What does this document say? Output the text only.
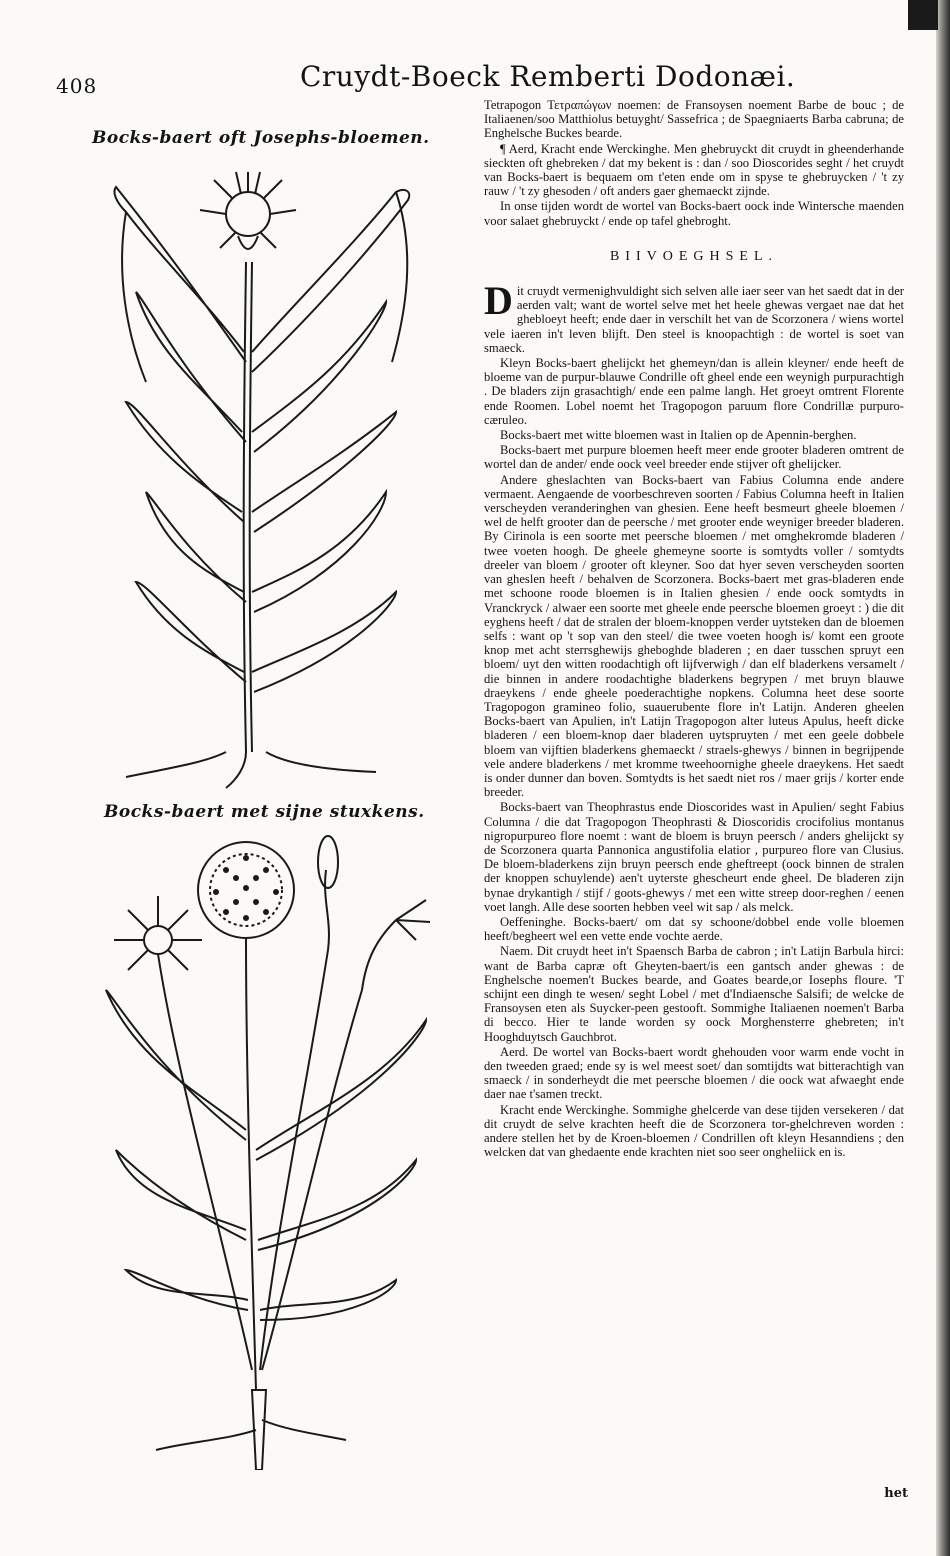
408	Cruydt-Boeck Remberti Dodonæi.
Bocks-baert oft Josephs-bloemen.
Bocks-baert met sijne stuxkens.

Tetrapogon Τετραπώγων noemen: de Fransoysen noement Barbe de bouc ; de Italiaenen/soo Matthiolus betuyght/ Sassefrica ; de Spaegniaerts Barba cabruna; de Enghelsche Buckes bearde.

¶ Aerd, Kracht ende Werckinghe. Men ghebruyckt dit cruydt in gheenderhande sieckten oft ghebreken / dat my bekent is : dan / soo Dioscorides seght / het cruydt van Bocks-baert is bequaem om t'eten ende om in spyse te ghebruycken / 't zy rauw / 't zy ghesoden / oft anders gaer ghemaeckt zijnde.

In onse tijden wordt de wortel van Bocks-baert oock inde Wintersche maenden voor salaet ghebruyckt / ende op tafel ghebroght.

BIIVOEGHSEL.

Dit cruydt vermenighvuldight sich selven alle iaer seer van het saedt dat in der aerden valt; want de wortel selve met het heele ghewas vergaet nae dat het ghebloeyt heeft; ende daer in verschilt het van de Scorzonera / wiens wortel vele iaeren in't leven blijft. Den steel is knoopachtigh : de wortel is soet van smaeck.

Kleyn Bocks-baert ghelijckt het ghemeyn/dan is allein kleyner/ ende heeft de bloeme van de purpur-blauwe Condrille oft gheel ende een weynigh purpurachtigh . De bladers zijn grasachtigh/ ende een palme langh. Het groeyt omtrent Florente ende Roomen. Lobel noemt het Tragopogon paruum flore Condrillæ purpuro-cæruleo.

Bocks-baert met witte bloemen wast in Italien op de Apennin-berghen.

Bocks-baert met purpure bloemen heeft meer ende grooter bladeren omtrent de wortel dan de ander/ ende oock veel breeder ende stijver oft ghelijcker.

Andere gheslachten van Bocks-baert van Fabius Columna ende andere vermaent. Aengaende de voorbeschreven soorten / Fabius Columna heeft in Italien verscheyden veranderinghen van ghesien. Eene heeft besmeurt gheele bloemen / wel de helft grooter dan de peersche / met grooter ende weyniger breeder bladeren. By Cirinola is een soorte met peersche bloemen / met omghekromde bladeren / twee voeten hoogh. De gheele ghemeyne soorte is somtydts voller / somtydts dreeler van bloem / grooter oft kleyner. Soo dat hyer seven verscheyden soorten van gheslen heeft / behalven de Scorzonera. Bocks-baert met gras-bladeren ende met schoone roode bloemen is in Italien ghesien / ende oock somtydts in Vranckryck / alwaer een soorte met gheele ende peersche bloemen groeyt : ) die dit eyghens heeft / dat de stralen der bloem-knoppen verder uytsteken dan de bloemen selfs : want op 't sop van den steel/ die twee voeten hoogh is/ komt een groote knop met acht sterrsghewijs gheboghde bladeren ; en daer tusschen spruyt een bloem/ uyt den witten roodachtigh oft lijfverwigh / dan elf bladerkens versamelt / die binnen in andere roodachtighe bladerkens begrypen / met bruyn blauwe draeykens / ende gheele poederachtighe nopkens. Columna heet dese soorte Tragopogon gramineo folio, suauerubente flore in't Latijn. Anderen gheelen Bocks-baert van Apulien, in't Latijn Tragopogon alter luteus Apulus, heeft dicke bladeren / een bloem-knop daer bladeren uytspruyten / met een geele dobbele bloem van vijftien bladerkens ghemaeckt / straels-ghewys / binnen in begrijpende vele andere bladerkens / met kromme tweehoornighe gheele draeykens. Het saedt is onder dunner dan boven. Somtydts is het saedt niet ros / maer grijs / korter ende breeder.

Bocks-baert van Theophrastus ende Dioscorides wast in Apulien/ seght Fabius Columna / die dat Tragopogon Theophrasti & Dioscoridis crocifolius montanus nigropurpureo flore noemt : want de bloem is bruyn peersch / anders ghelijckt sy de Scorzonera quarta Pannonica angustifolia elatior , purpureo flore van Clusius. De bloem-bladerkens zijn bruyn peersch ende gheftreept (oock binnen de stralen der knoppen schuylende) aen't uyterste ghescheurt ende gheel. De bladeren zijn bynae drykantigh / stijf / goots-ghewys / met een witte streep door-reghen / eenen voet langh. Alle dese soorten hebben veel wit sap / als melck.

Oeffeninghe. Bocks-baert/ om dat sy schoone/dobbel ende volle bloemen heeft/begheert wel een vette ende vochte aerde.

Naem. Dit cruydt heet in't Spaensch Barba de cabron ; in't Latijn Barbula hirci: want de Barba capræ oft Gheyten-baert/is een gantsch ander ghewas : de Enghelsche noemen't Buckes bearde, and Goates bearde,or Iosephs floure. 'T schijnt een dingh te wesen/ seght Lobel / met d'Indiaensche Salsifi; de welcke de Fransoysen eten als Suycker-peen gestooft. Sommighe Italiaenen noemen't Barba di becco. Hier te lande worden sy oock Morghensterre ghebreten; in't Hooghduytsch Gauchbrot.

Aerd. De wortel van Bocks-baert wordt ghehouden voor warm ende vocht in den tweeden graed; ende sy is wel meest soet/ dan somtijdts wat bitterachtigh van smaeck / in sonderheydt die met peersche bloemen / die oock wat afwaeght ende daer nae t'samen treckt.

Kracht ende Werckinghe. Sommighe ghelcerde van dese tijden versekeren / dat dit cruydt de selve krachten heeft die de Scorzonera tor-ghelchreven worden : andere stellen het by de Kroen-bloemen / Condrillen oft kleyn Hesanndiens ; den welcken dat van ghedaente ende krachten niet soo seer ongheliick en is.

het
